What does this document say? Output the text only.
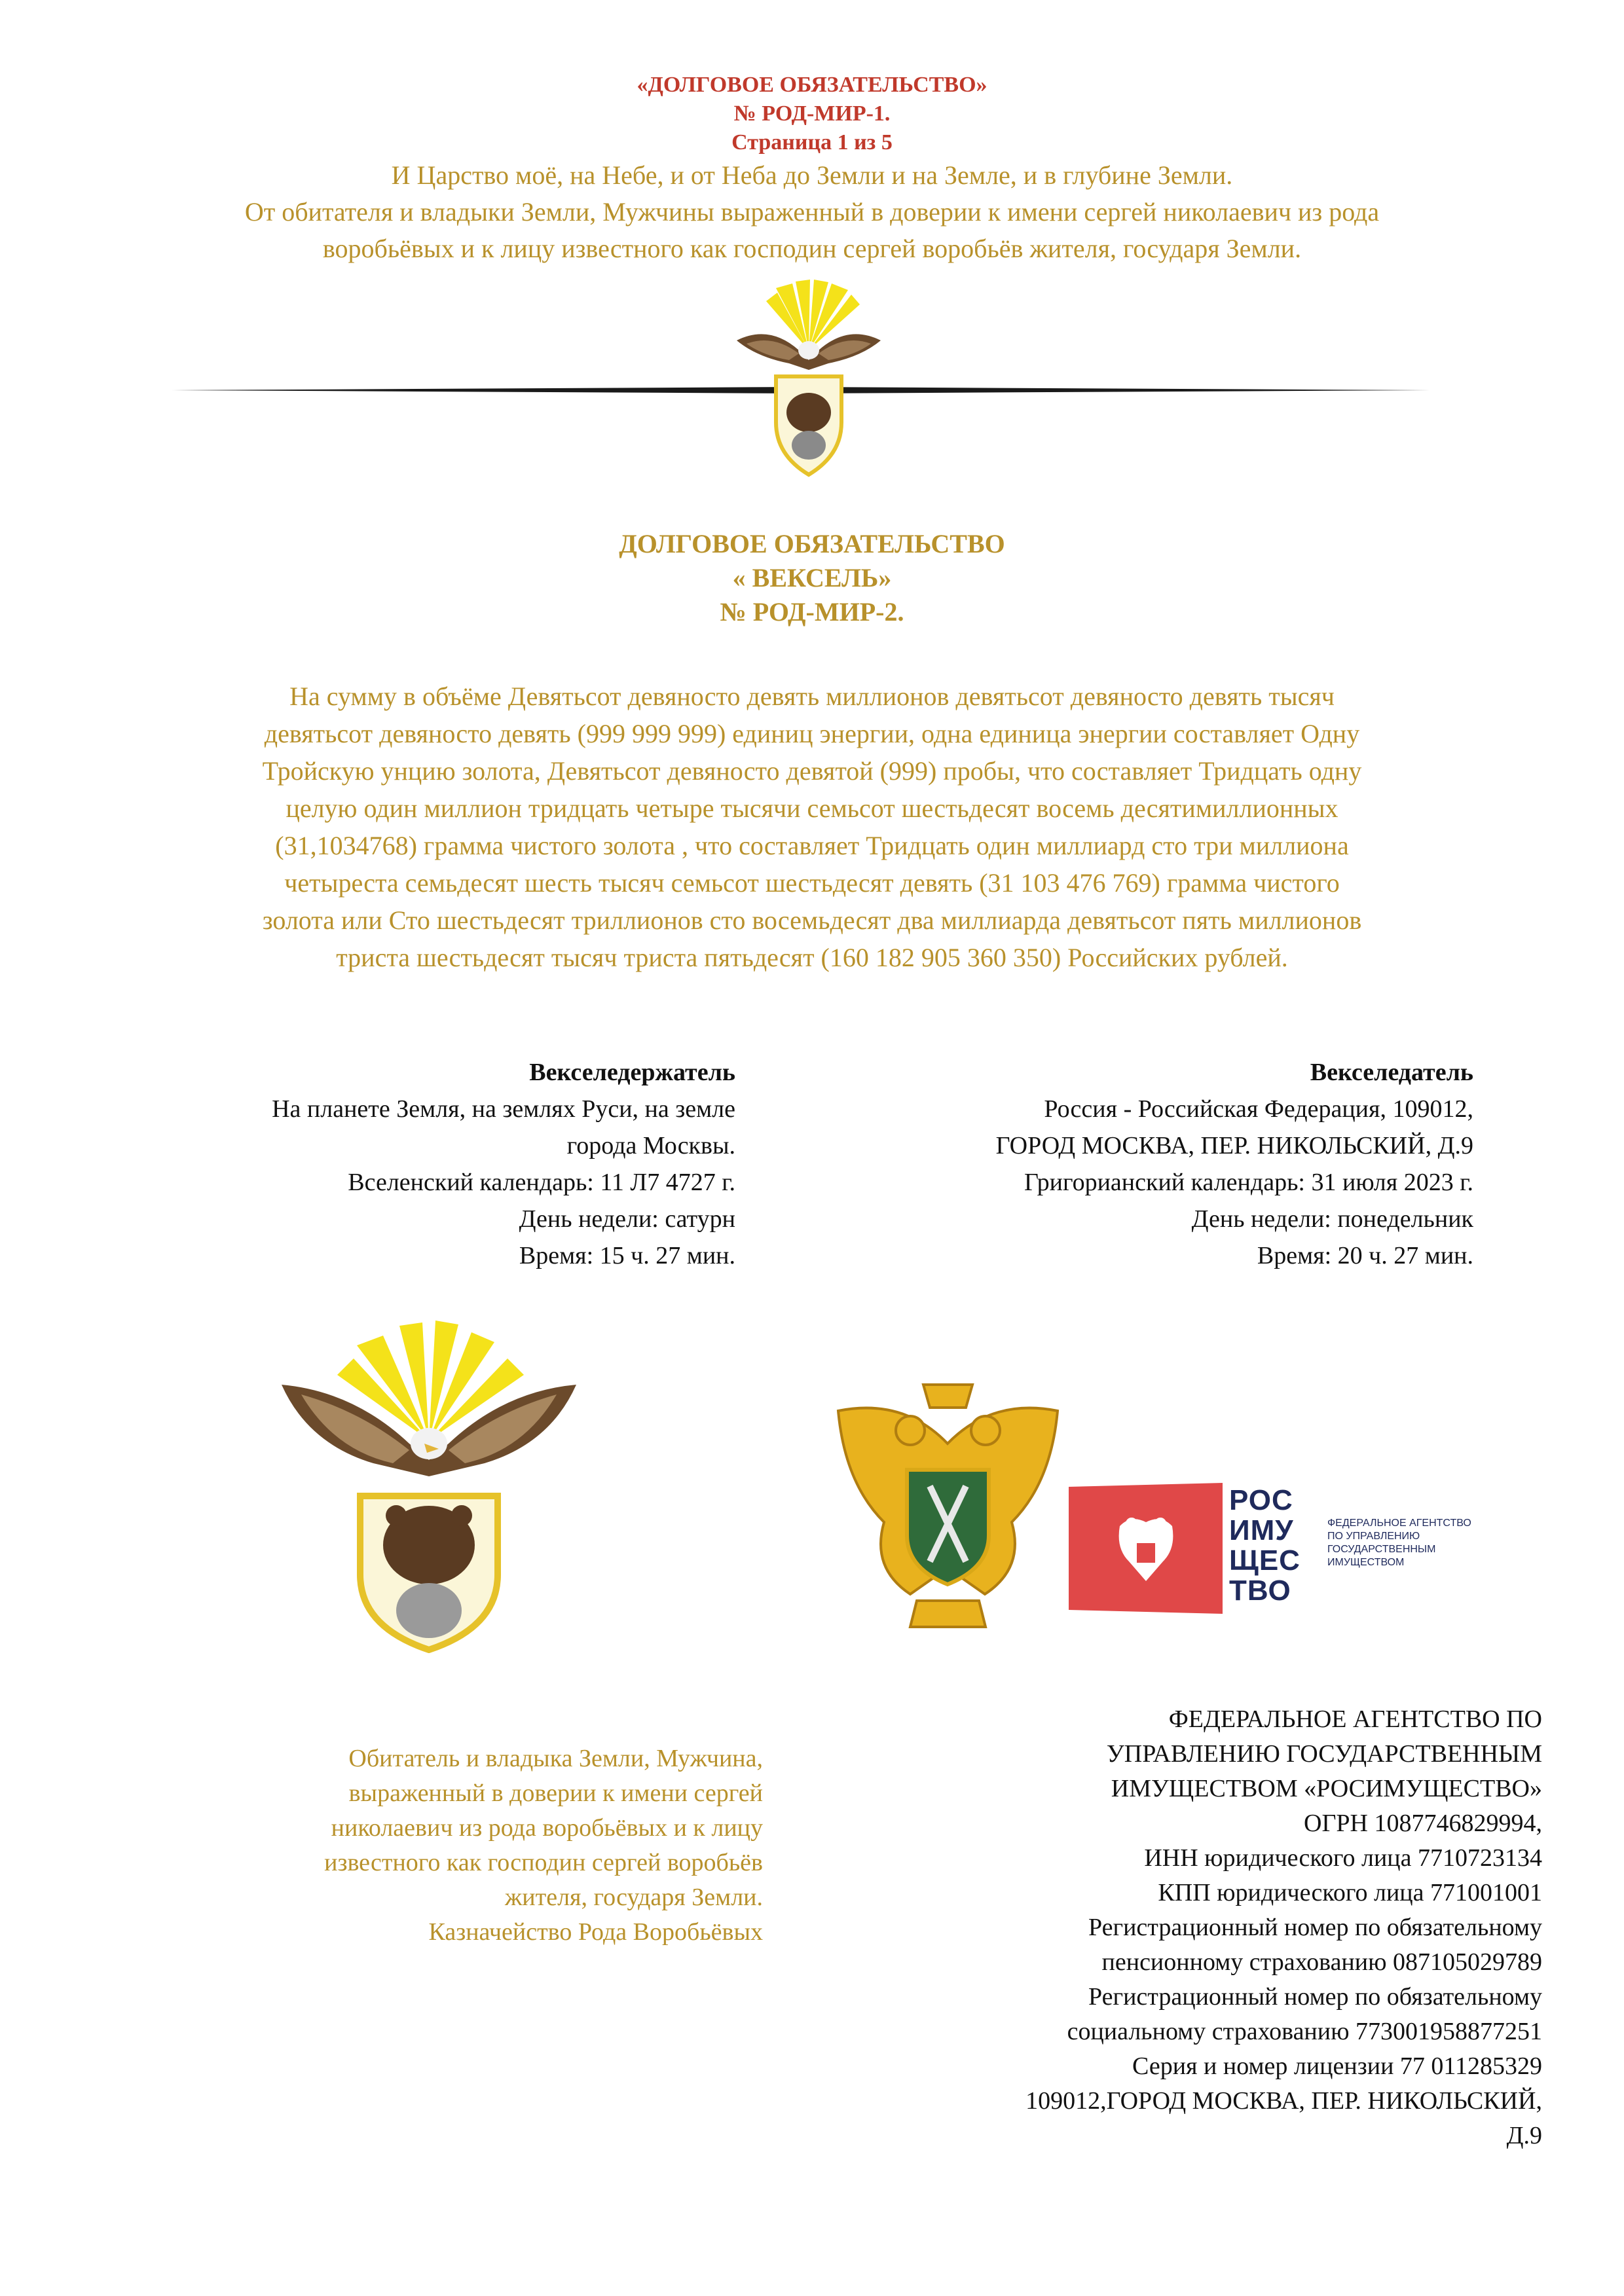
«ДОЛГОВОЕ ОБЯЗАТЕЛЬСТВО»
№ РОД-МИР-1.
Страница 1 из 5
И Царство моё, на Небе, и от Неба до Земли и на Земле, и в глубине Земли.
От обитателя и владыки Земли, Мужчины выраженный в доверии к имени сергей николаевич из рода
воробьёвых и к лицу известного как господин сергей воробьёв жителя, государя Земли.
ДОЛГОВОЕ ОБЯЗАТЕЛЬСТВО
« ВЕКСЕЛЬ»
№ РОД-МИР-2.
На сумму в объёме Девятьсот девяносто девять миллионов девятьсот девяносто девять тысяч
девятьсот девяносто девять (999 999 999) единиц энергии, одна единица энергии составляет Одну
Тройскую унцию золота, Девятьсот девяносто девятой (999) пробы, что составляет Тридцать одну
целую один миллион тридцать четыре тысячи семьсот шестьдесят восемь десятимиллионных
(31,1034768) грамма чистого золота , что составляет Тридцать один миллиард сто три миллиона
четыреста семьдесят шесть тысяч семьсот шестьдесят девять (31 103 476 769) грамма чистого
золота или Сто шестьдесят триллионов сто восемьдесят два миллиарда девятьсот пять миллионов
триста шестьдесят тысяч триста пятьдесят (160 182 905 360 350) Российских рублей.
Векселедержатель
На планете Земля, на землях Руси, на земле
города Москвы.
Вселенский календарь: 11 Л7 4727 г.
День недели: сатурн
Время: 15 ч. 27 мин.
Векселедатель
Россия - Российская Федерация, 109012,
ГОРОД МОСКВА, ПЕР. НИКОЛЬСКИЙ, Д.9
Григорианский календарь: 31 июля 2023 г.
День недели: понедельник
Время: 20 ч. 27 мин.
РОС
ИМУ
ЩЕС
ТВО
ФЕДЕРАЛЬНОЕ АГЕНТСТВО
ПО УПРАВЛЕНИЮ
ГОСУДАРСТВЕННЫМ
ИМУЩЕСТВОМ
Обитатель и владыка Земли, Мужчина,
выраженный в доверии к имени сергей
николаевич из рода воробьёвых и к лицу
известного как господин сергей воробьёв
жителя, государя Земли.
Казначейство Рода Воробьёвых
ФЕДЕРАЛЬНОЕ АГЕНТСТВО ПО
УПРАВЛЕНИЮ ГОСУДАРСТВЕННЫМ
ИМУЩЕСТВОМ «РОСИМУЩЕСТВО»
ОГРН 1087746829994,
ИНН юридического лица 7710723134
КПП юридического лица 771001001
Регистрационный номер по обязательному
пенсионному страхованию 087105029789
Регистрационный номер по обязательному
социальному страхованию 773001958877251
Серия и номер лицензии 77 011285329
109012,ГОРОД МОСКВА, ПЕР. НИКОЛЬСКИЙ,
Д.9
